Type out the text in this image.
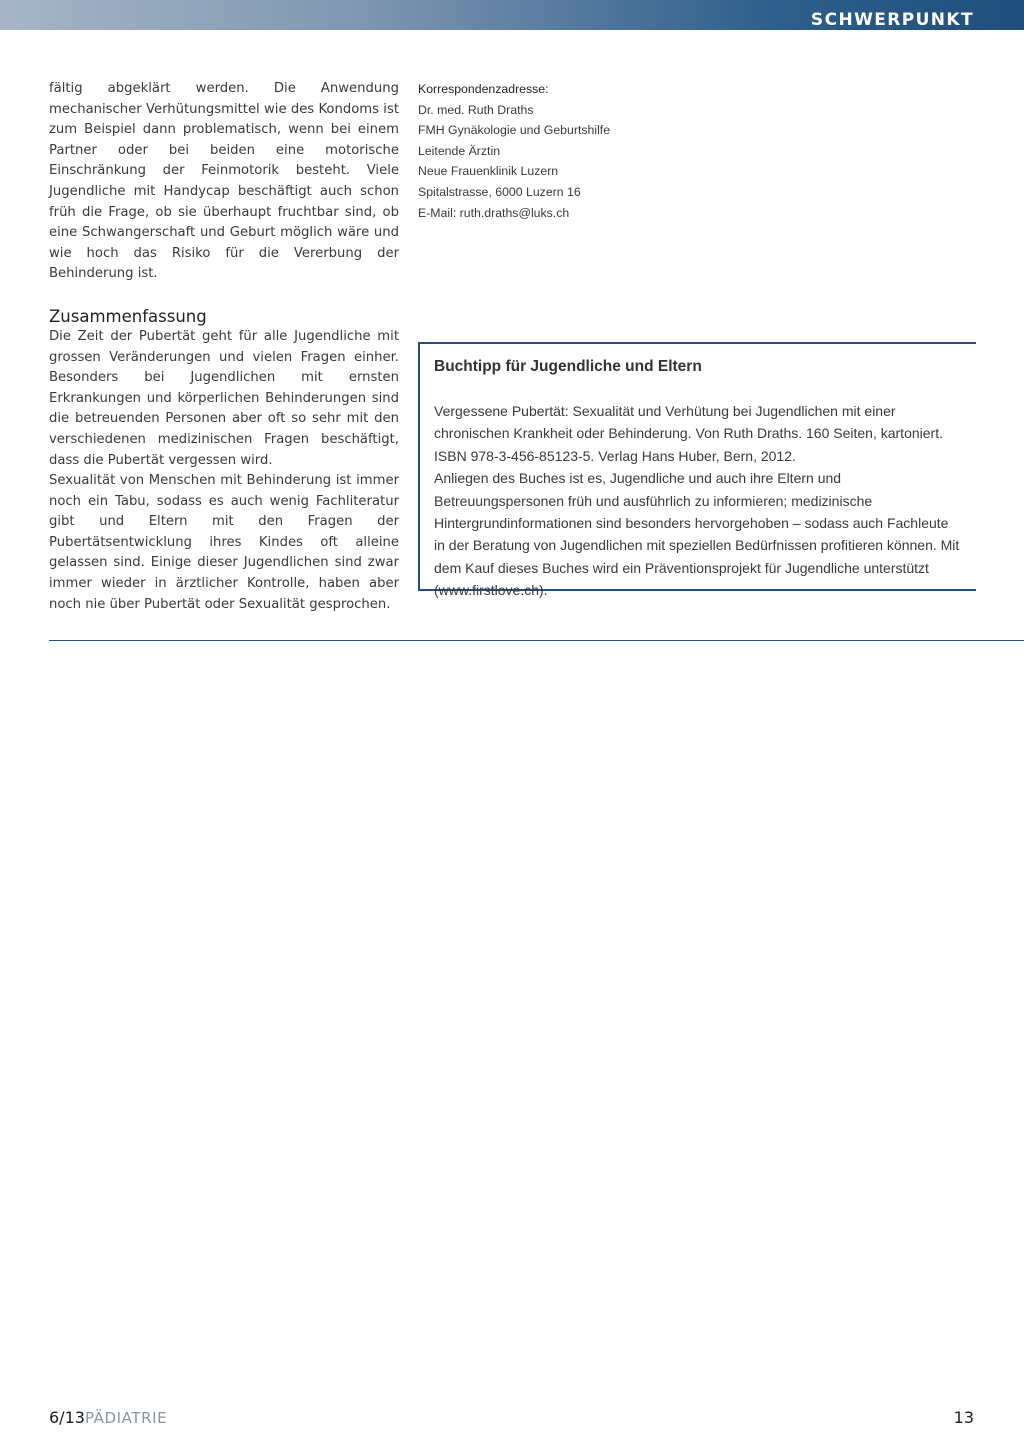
SCHWERPUNKT

fältig abgeklärt werden. Die Anwendung mechanischer Verhütungsmittel wie des Kondoms ist zum Beispiel dann problematisch, wenn bei einem Partner oder bei beiden eine motorische Einschränkung der Feinmotorik besteht. Viele Jugendliche mit Handycap beschäftigt auch schon früh die Frage, ob sie überhaupt fruchtbar sind, ob eine Schwangerschaft und Geburt möglich wäre und wie hoch das Risiko für die Vererbung der Behinderung ist.

Zusammenfassung

Die Zeit der Pubertät geht für alle Jugendliche mit grossen Veränderungen und vielen Fragen einher. Besonders bei Jugendlichen mit ernsten Erkrankungen und körperlichen Behinderungen sind die betreuenden Personen aber oft so sehr mit den verschiedenen medizinischen Fragen beschäftigt, dass die Pubertät vergessen wird.

Sexualität von Menschen mit Behinderung ist immer noch ein Tabu, sodass es auch wenig Fachliteratur gibt und Eltern mit den Fragen der Pubertätsentwicklung ihres Kindes oft alleine gelassen sind. Einige dieser Jugendlichen sind zwar immer wieder in ärztlicher Kontrolle, haben aber noch nie über Pubertät oder Sexualität gesprochen.

Korrespondenzadresse:
Dr. med. Ruth Draths
FMH Gynäkologie und Geburtshilfe
Leitende Ärztin
Neue Frauenklinik Luzern
Spitalstrasse, 6000 Luzern 16
E-Mail: ruth.draths@luks.ch
Buchtipp für Jugendliche und Eltern

Vergessene Pubertät: Sexualität und Verhütung bei Jugendlichen mit einer chronischen Krankheit oder Behinderung. Von Ruth Draths. 160 Seiten, kartoniert. ISBN 978-3-456-85123-5. Verlag Hans Huber, Bern, 2012.

Anliegen des Buches ist es, Jugendliche und auch ihre Eltern und Betreuungspersonen früh und ausführlich zu informieren; medizinische Hintergrundinformationen sind besonders hervorgehoben – sodass auch Fachleute in der Beratung von Jugendlichen mit speziellen Bedürfnissen profitieren können. Mit dem Kauf dieses Buches wird ein Präventionsprojekt für Jugendliche unterstützt (www.firstlove.ch).

6/13PÄDIATRIE	13
